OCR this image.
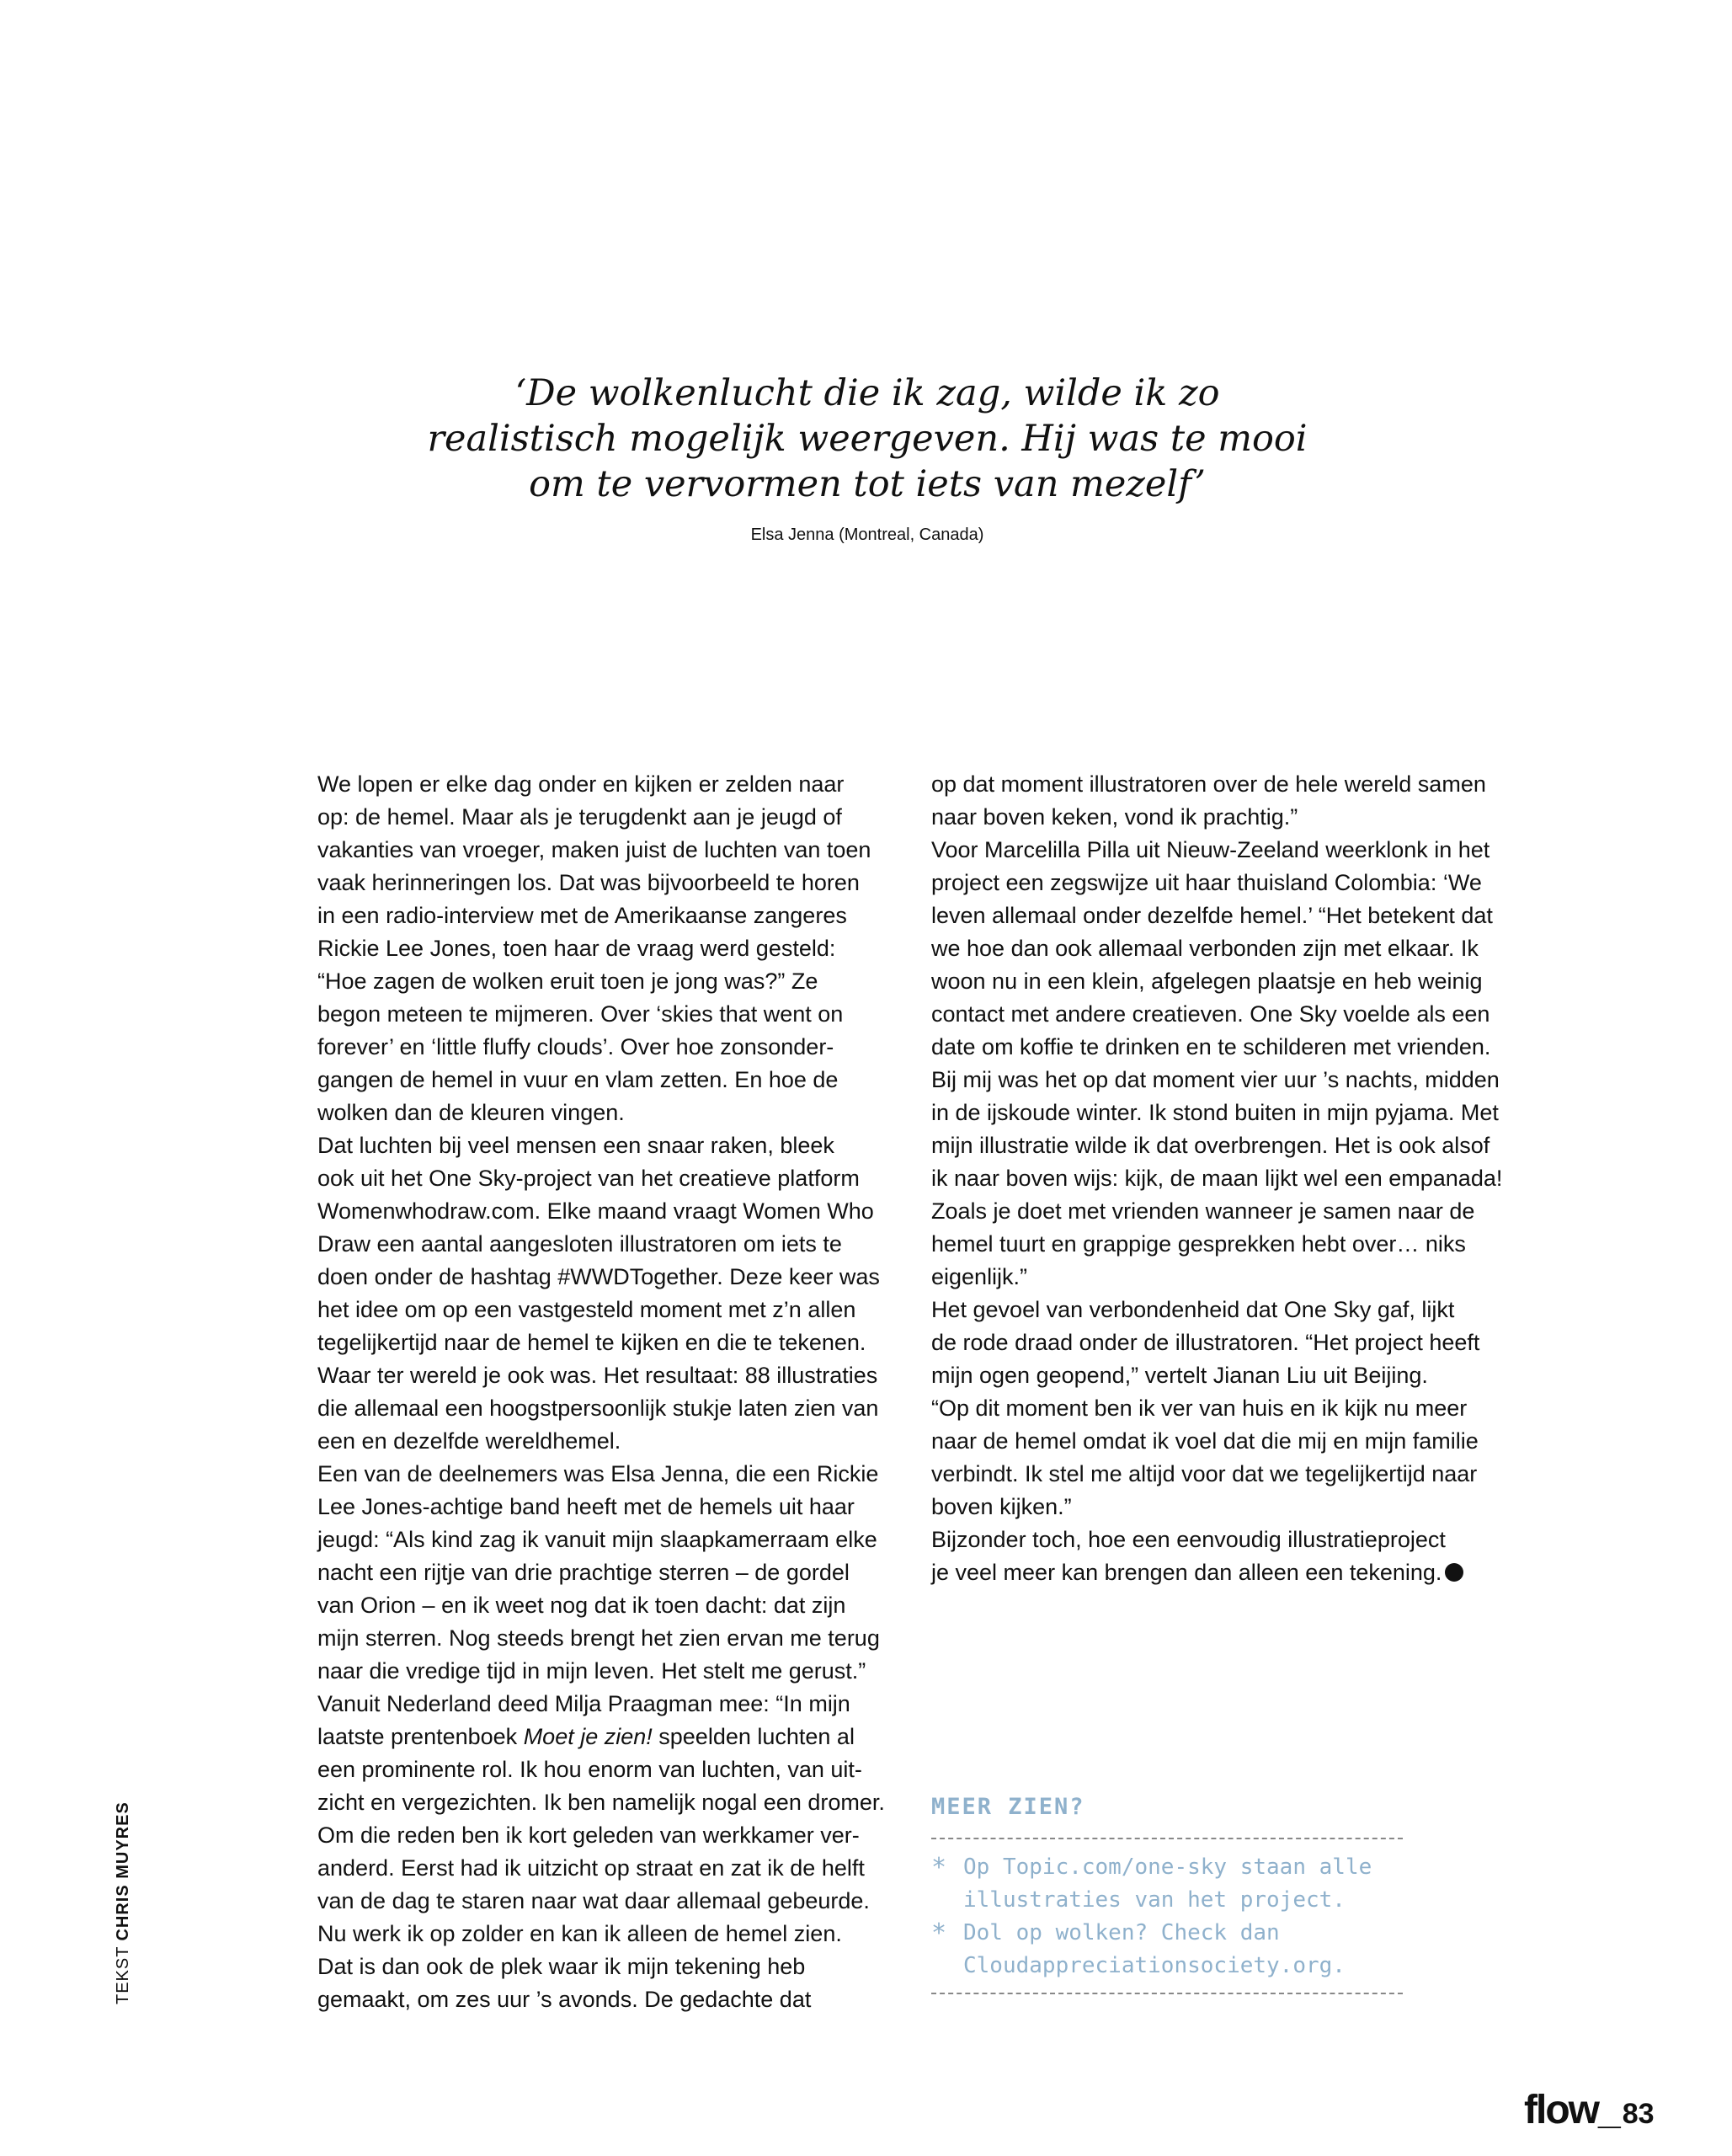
‘De wolkenlucht die ik zag, wilde ik zo
realistisch mogelijk weergeven. Hij was te mooi
om te vervormen tot iets van mezelf’
Elsa Jenna (Montreal, Canada)
We lopen er elke dag onder en kijken er zelden naar
op: de hemel. Maar als je terugdenkt aan je jeugd of
vakanties van vroeger, maken juist de luchten van toen
vaak herinneringen los. Dat was bijvoorbeeld te horen
in een radio-interview met de Amerikaanse zangeres
Rickie Lee Jones, toen haar de vraag werd gesteld:
“Hoe zagen de wolken eruit toen je jong was?” Ze
begon meteen te mijmeren. Over ‘skies that went on
forever’ en ‘little fluffy clouds’. Over hoe zonsonder-
gangen de hemel in vuur en vlam zetten. En hoe de
wolken dan de kleuren vingen.
Dat luchten bij veel mensen een snaar raken, bleek
ook uit het One Sky-project van het creatieve platform
Womenwhodraw.com. Elke maand vraagt Women Who
Draw een aantal aangesloten illustratoren om iets te
doen onder de hashtag #WWDTogether. Deze keer was
het idee om op een vastgesteld moment met z’n allen
tegelijkertijd naar de hemel te kijken en die te tekenen.
Waar ter wereld je ook was. Het resultaat: 88 illustraties
die allemaal een hoogstpersoonlijk stukje laten zien van
een en dezelfde wereldhemel.
Een van de deelnemers was Elsa Jenna, die een Rickie
Lee Jones-achtige band heeft met de hemels uit haar
jeugd: “Als kind zag ik vanuit mijn slaapkamerraam elke
nacht een rijtje van drie prachtige sterren – de gordel
van Orion – en ik weet nog dat ik toen dacht: dat zijn
mijn sterren. Nog steeds brengt het zien ervan me terug
naar die vredige tijd in mijn leven. Het stelt me gerust.”
Vanuit Nederland deed Milja Praagman mee: “In mijn
laatste prentenboek Moet je zien! speelden luchten al
een prominente rol. Ik hou enorm van luchten, van uit-
zicht en vergezichten. Ik ben namelijk nogal een dromer.
Om die reden ben ik kort geleden van werkkamer ver-
anderd. Eerst had ik uitzicht op straat en zat ik de helft
van de dag te staren naar wat daar allemaal gebeurde.
Nu werk ik op zolder en kan ik alleen de hemel zien.
Dat is dan ook de plek waar ik mijn tekening heb
gemaakt, om zes uur ’s avonds. De gedachte dat
op dat moment illustratoren over de hele wereld samen
naar boven keken, vond ik prachtig.”
Voor Marcelilla Pilla uit Nieuw-Zeeland weerklonk in het
project een zegswijze uit haar thuisland Colombia: ‘We
leven allemaal onder dezelfde hemel.’ “Het betekent dat
we hoe dan ook allemaal verbonden zijn met elkaar. Ik
woon nu in een klein, afgelegen plaatsje en heb weinig
contact met andere creatieven. One Sky voelde als een
date om koffie te drinken en te schilderen met vrienden.
Bij mij was het op dat moment vier uur ’s nachts, midden
in de ijskoude winter. Ik stond buiten in mijn pyjama. Met
mijn illustratie wilde ik dat overbrengen. Het is ook alsof
ik naar boven wijs: kijk, de maan lijkt wel een empanada!
Zoals je doet met vrienden wanneer je samen naar de
hemel tuurt en grappige gesprekken hebt over… niks
eigenlijk.”
Het gevoel van verbondenheid dat One Sky gaf, lijkt
de rode draad onder de illustratoren. “Het project heeft
mijn ogen geopend,” vertelt Jianan Liu uit Beijing.
“Op dit moment ben ik ver van huis en ik kijk nu meer
naar de hemel omdat ik voel dat die mij en mijn familie
verbindt. Ik stel me altijd voor dat we tegelijkertijd naar
boven kijken.”
Bijzonder toch, hoe een eenvoudig illustratieproject
je veel meer kan brengen dan alleen een tekening.
MEER ZIEN?
* Op Topic.com/one-sky staan alle
illustraties van het project.
* Dol op wolken? Check dan
Cloudappreciationsociety.org.
TEKSTCHRIS MUYRES
flow_ 83
